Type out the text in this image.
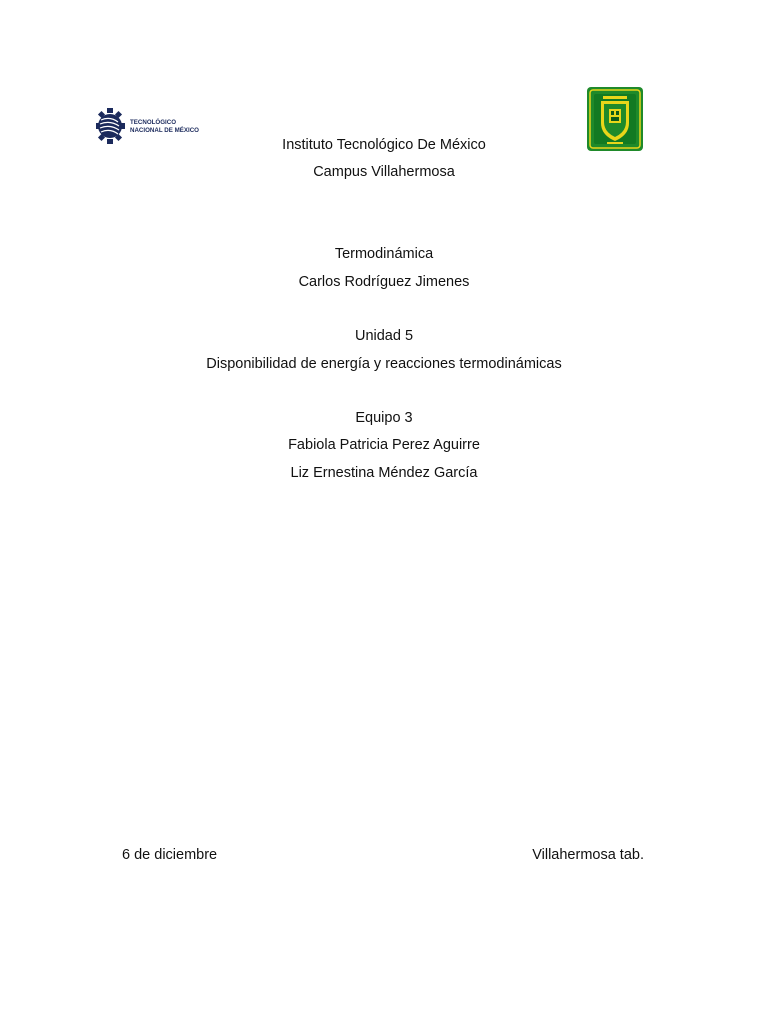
TECNOLÓGICO
NACIONAL DE MÉXICO
Instituto Tecnológico De México
Campus Villahermosa
Termodinámica
Carlos Rodríguez Jimenes
Unidad 5
Disponibilidad de energía y reacciones termodinámicas
Equipo 3
Fabiola Patricia Perez Aguirre
Liz Ernestina Méndez García
6 de diciembre	Villahermosa tab.
